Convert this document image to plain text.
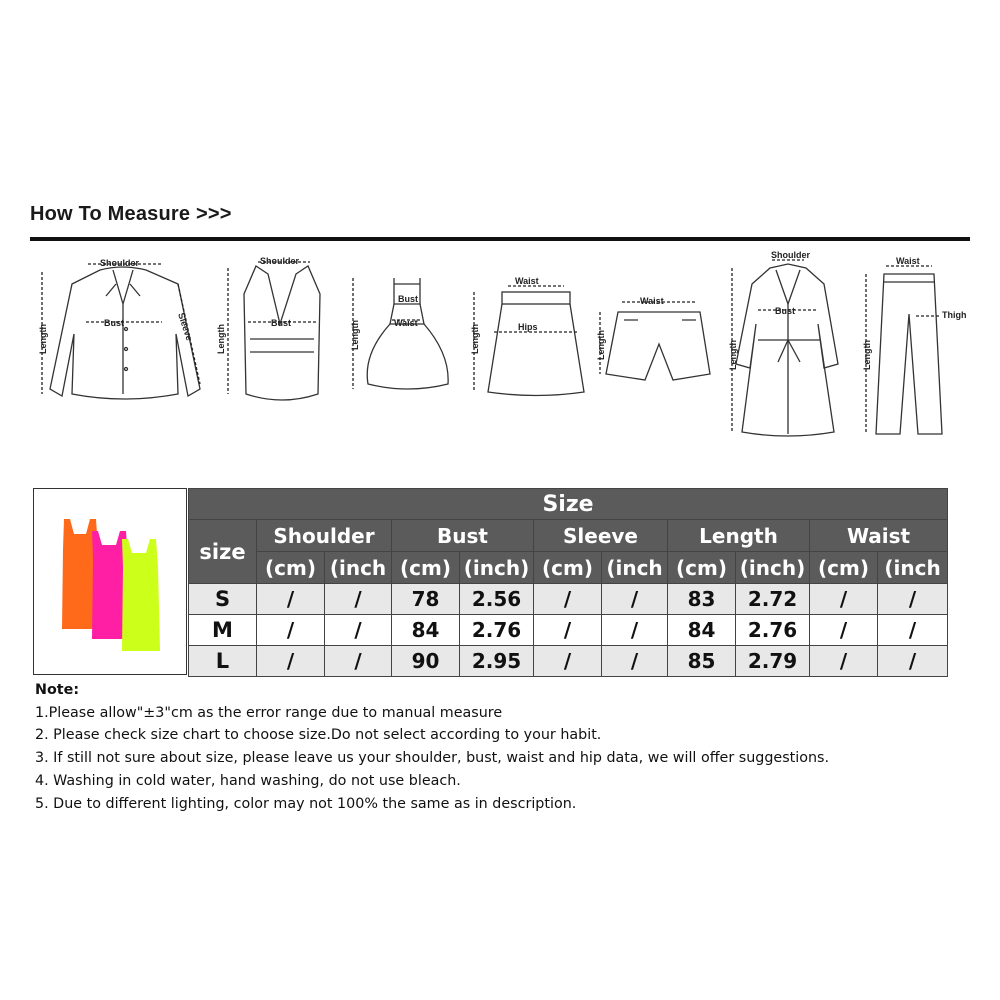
How To Measure >>>
Shoulder
Bust
Length	Sleeve
Shoulder
Bust
Length
Bust
Waist
Length
Waist
Hips
Length
Waist
Length
Shoulder
Bust
Length
Waist
Thigh
Length
Size										
size	Shoulder		Bust		Sleeve		Length		Waist	
	(cm)	(inch	(cm)	(inch)	(cm)	(inch	(cm)	(inch)	(cm)	(inch
S	/	/	78	2.56	/	/	83	2.72	/	/
M	/	/	84	2.76	/	/	84	2.76	/	/
L	/	/	90	2.95	/	/	85	2.79	/	/
Note:
1.Please allow"±3"cm as the error range due to manual measure
2. Please check size chart to choose size.Do not select according to your habit.
3. If still not sure about size, please leave us your shoulder, bust, waist and hip data, we will offer suggestions.
4. Washing in cold water, hand washing, do not use bleach.
5. Due to different lighting, color may not 100% the same as in description.
